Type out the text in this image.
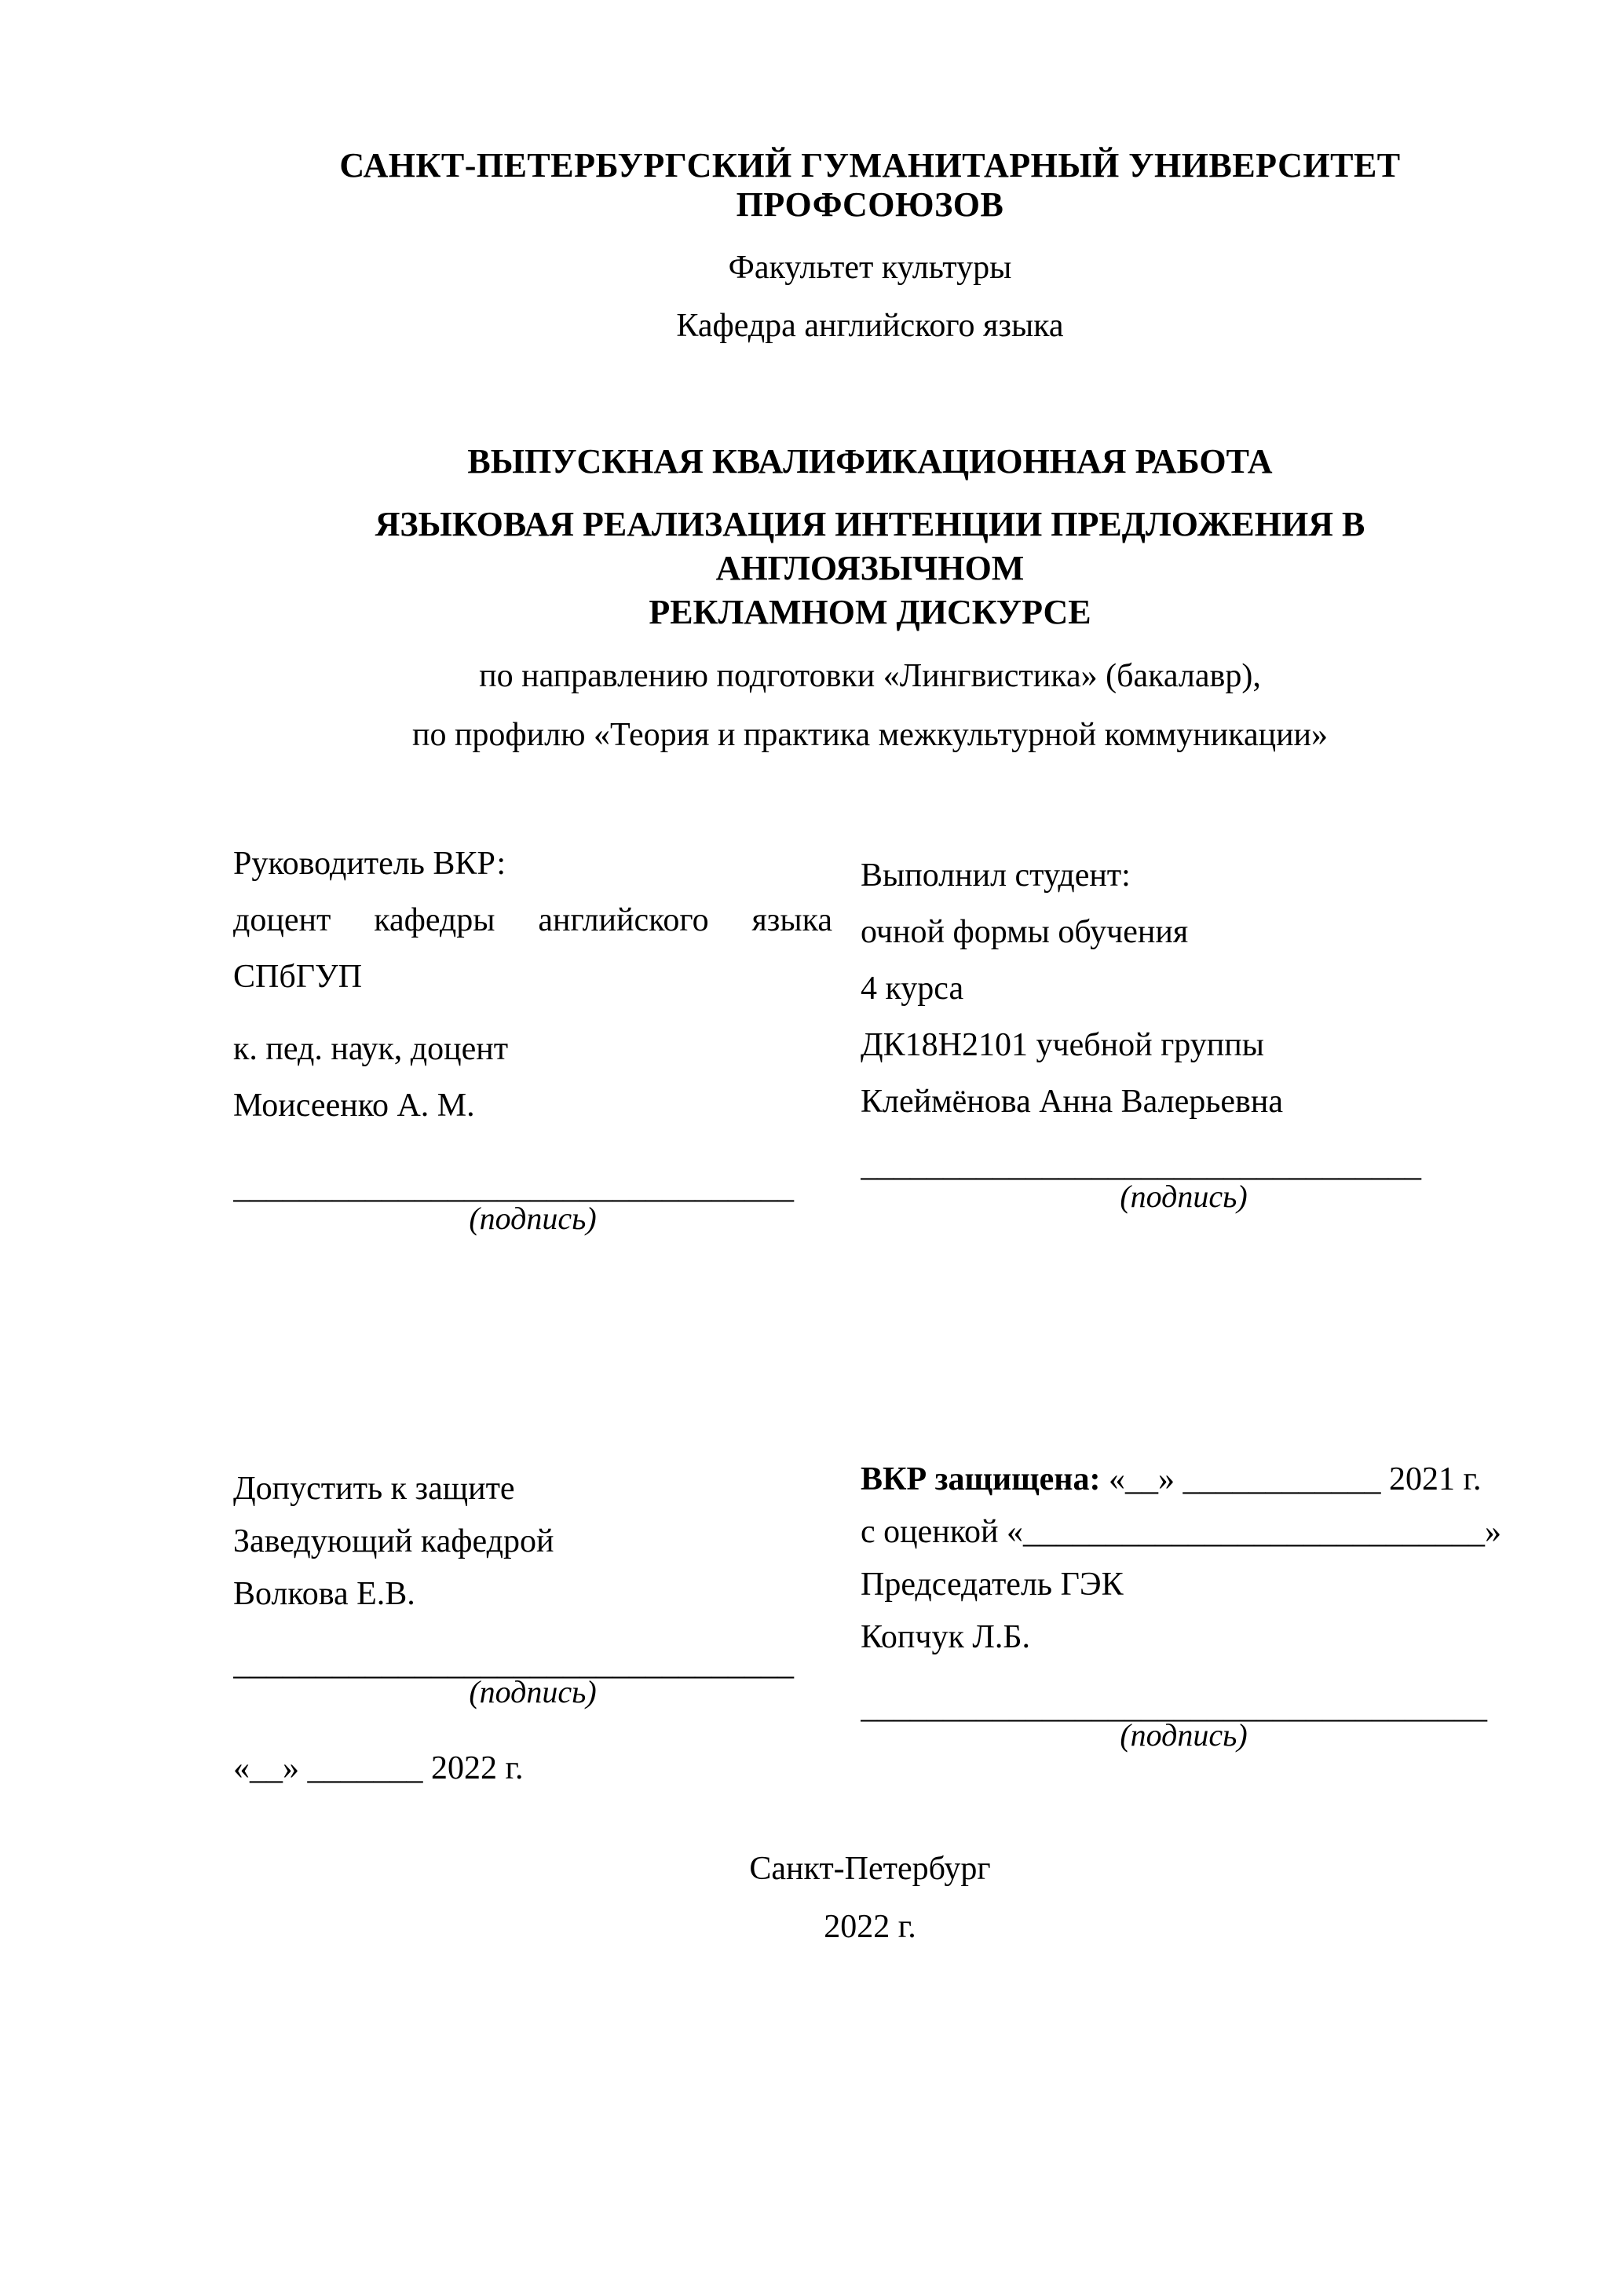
САНКТ-ПЕТЕРБУРГСКИЙ ГУМАНИТАРНЫЙ УНИВЕРСИТЕТ ПРОФСОЮЗОВ

Факультет культуры

Кафедра английского языка

ВЫПУСКНАЯ КВАЛИФИКАЦИОННАЯ РАБОТА

ЯЗЫКОВАЯ РЕАЛИЗАЦИЯ ИНТЕНЦИИ ПРЕДЛОЖЕНИЯ В АНГЛОЯЗЫЧНОМ
РЕКЛАМНОМ ДИСКУРСЕ

по направлению подготовки «Лингвистика» (бакалавр),

по профилю «Теория и практика межкультурной коммуникации»

Руководитель ВКР:

доцент кафедры английского языка

СПбГУП

к. пед. наук, доцент

Моисеенко А. М.

__________________________________

(подпись)

Выполнил студент:

очной формы обучения

4 курса

ДК18Н2101 учебной группы

Клеймёнова Анна Валерьевна

__________________________________

(подпись)

Допустить к защите

Заведующий кафедрой

Волкова Е.В.

__________________________________

(подпись)

«__» _______ 2022 г.

ВКР защищена: «__» ____________ 2021 г.

с оценкой «____________________________»

Председатель ГЭК

Копчук Л.Б.

______________________________________

(подпись)

Санкт-Петербург

2022 г.
